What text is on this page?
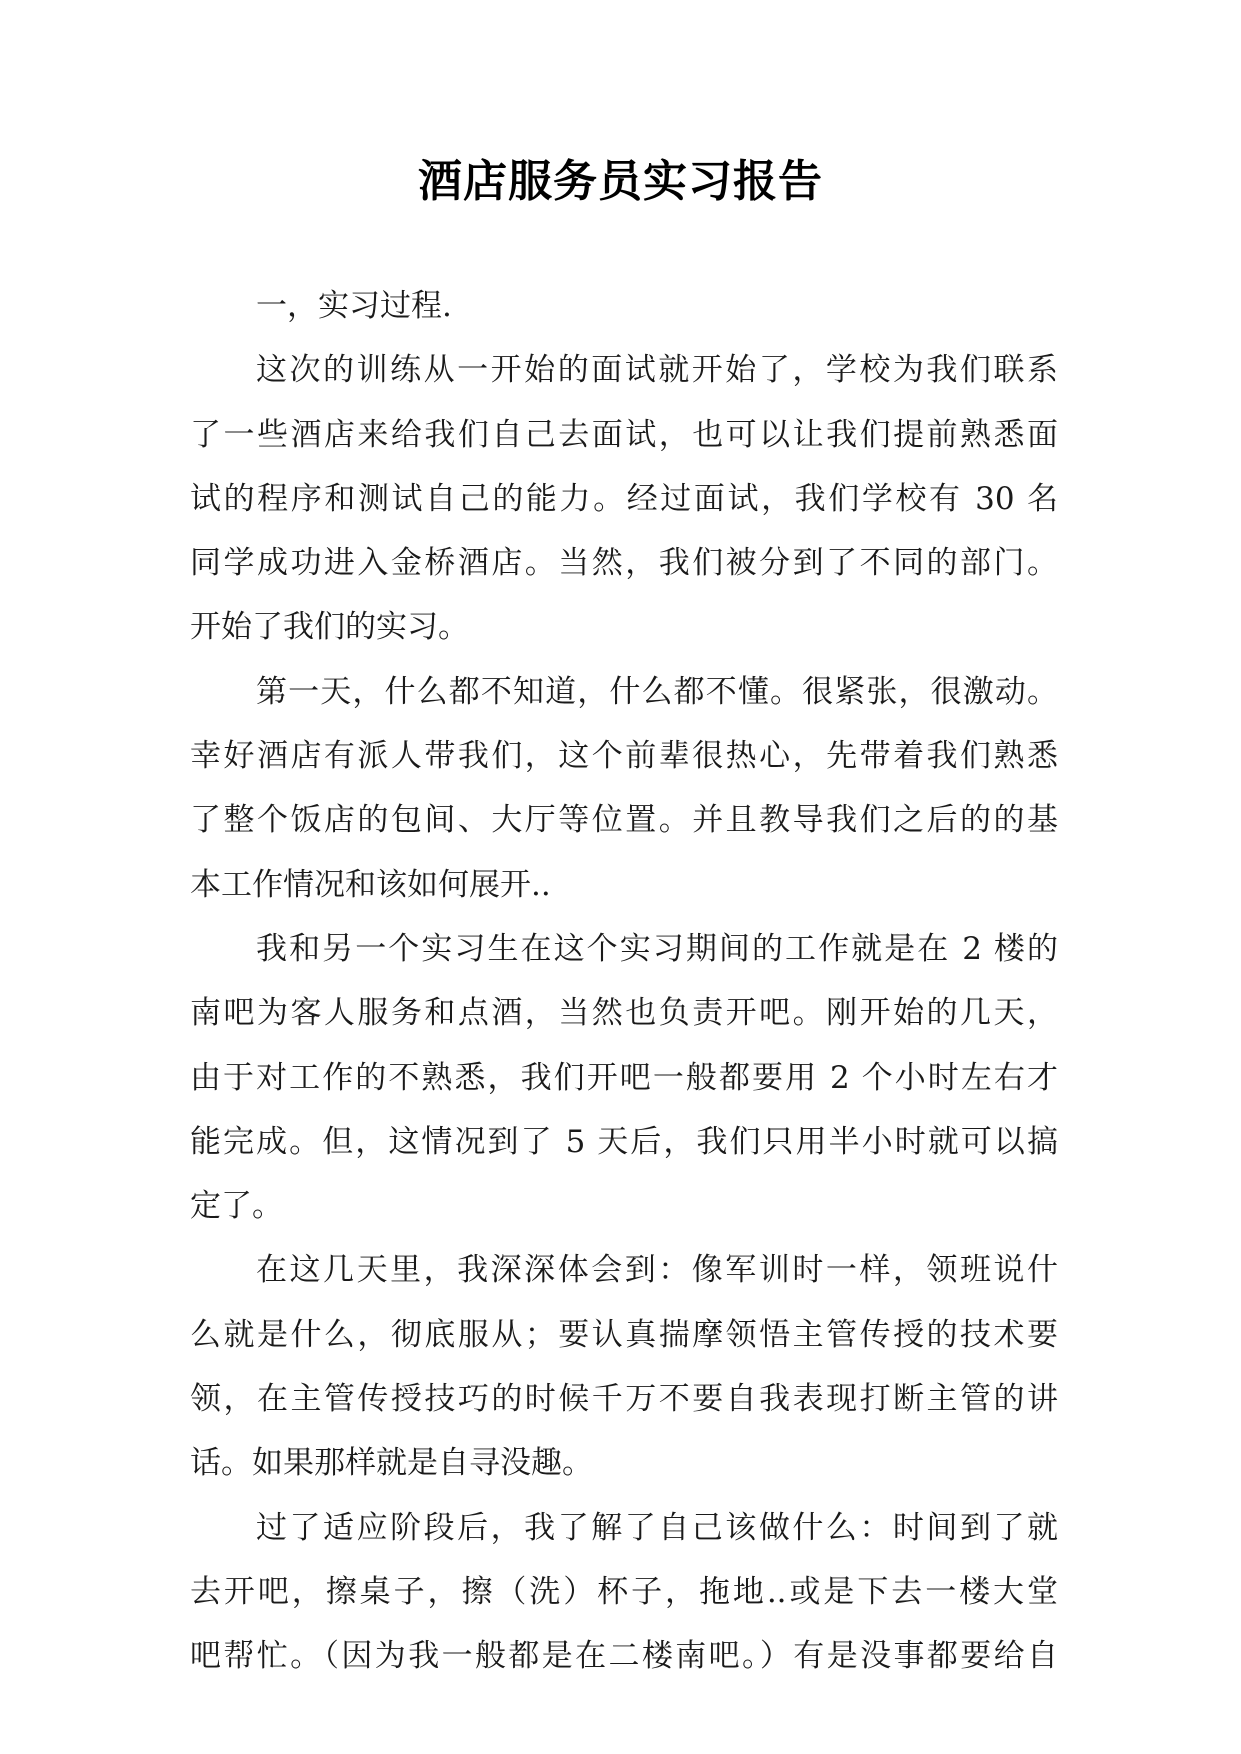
酒店服务员实习报告
一，实习过程.
这次的训练从一开始的面试就开始了，学校为我们联系
了一些酒店来给我们自己去面试，也可以让我们提前熟悉面
试的程序和测试自己的能力。经过面试，我们学校有 30 名
同学成功进入金桥酒店。当然，我们被分到了不同的部门。
开始了我们的实习。
第一天，什么都不知道，什么都不懂。很紧张，很激动。
幸好酒店有派人带我们，这个前辈很热心，先带着我们熟悉
了整个饭店的包间、大厅等位置。并且教导我们之后的的基
本工作情况和该如何展开..
我和另一个实习生在这个实习期间的工作就是在 2 楼的
南吧为客人服务和点酒，当然也负责开吧。刚开始的几天，
由于对工作的不熟悉，我们开吧一般都要用 2 个小时左右才
能完成。但，这情况到了 5 天后，我们只用半小时就可以搞
定了。
在这几天里，我深深体会到：像军训时一样，领班说什
么就是什么，彻底服从；要认真揣摩领悟主管传授的技术要
领，在主管传授技巧的时候千万不要自我表现打断主管的讲
话。如果那样就是自寻没趣。
过了适应阶段后，我了解了自己该做什么：时间到了就
去开吧，擦桌子，擦（洗）杯子，拖地..或是下去一楼大堂
吧帮忙。（因为我一般都是在二楼南吧。）有是没事都要给自
